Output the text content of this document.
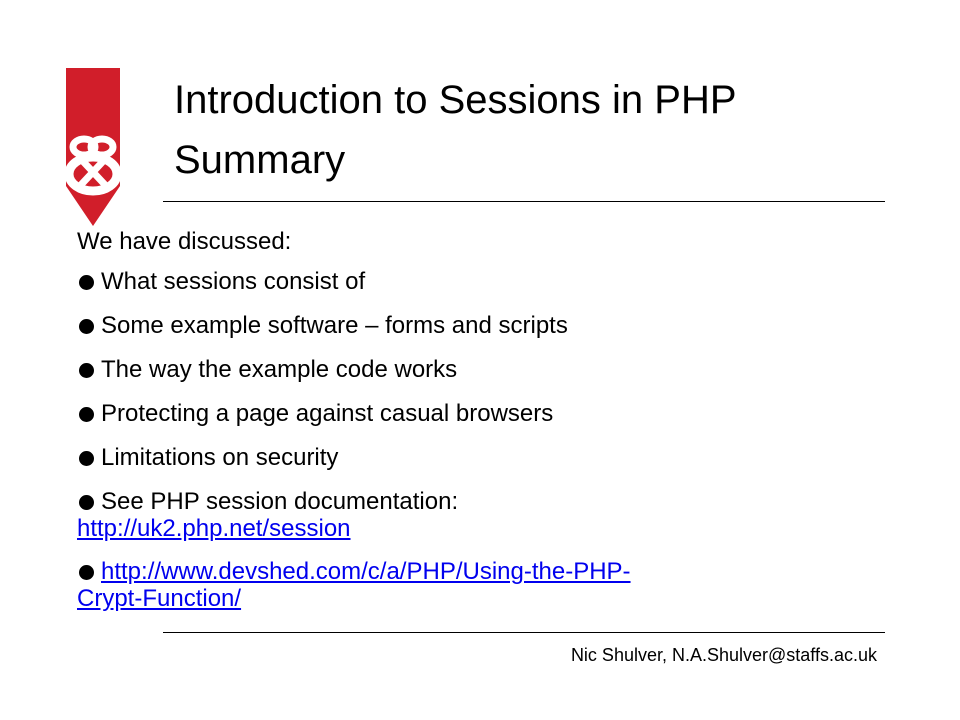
Introduction to Sessions in PHP
Summary

We have discussed:

What sessions consist of
Some example software – forms and scripts
The way the example code works
Protecting a page against casual browsers
Limitations on security
See PHP session documentation:
http://uk2.php.net/session
http://www.devshed.com/c/a/PHP/Using-the-PHP-
Crypt-Function/
Nic Shulver, N.A.Shulver@staffs.ac.uk
